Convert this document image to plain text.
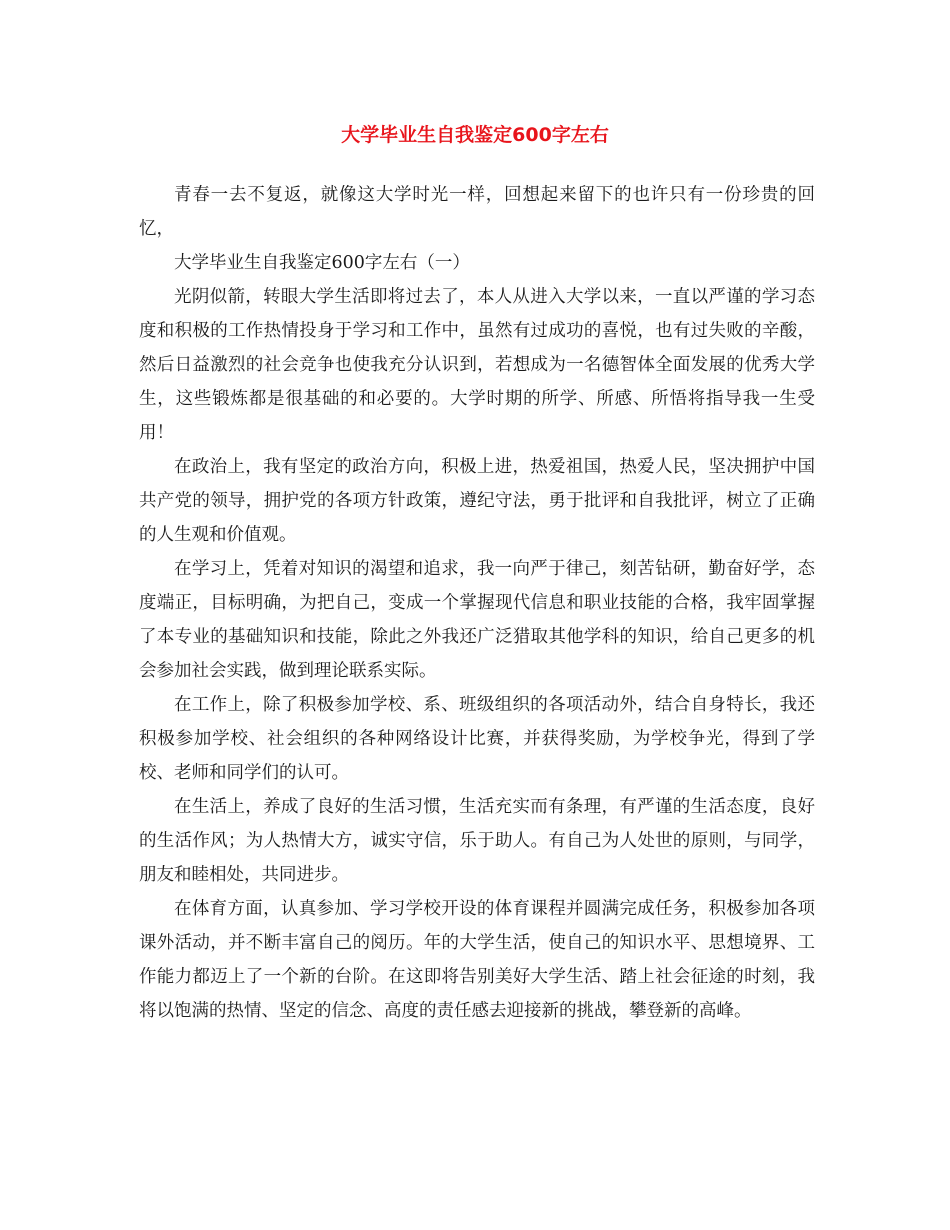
大学毕业生自我鉴定600字左右

青春一去不复返，就像这大学时光一样，回想起来留下的也许只有一份珍贵的回忆，

大学毕业生自我鉴定600字左右（一）

光阴似箭，转眼大学生活即将过去了，本人从进入大学以来，一直以严谨的学习态度和积极的工作热情投身于学习和工作中，虽然有过成功的喜悦，也有过失败的辛酸，然后日益激烈的社会竞争也使我充分认识到，若想成为一名德智体全面发展的优秀大学生，这些锻炼都是很基础的和必要的。大学时期的所学、所感、所悟将指导我一生受用！

在政治上，我有坚定的政治方向，积极上进，热爱祖国，热爱人民，坚决拥护中国共产党的领导，拥护党的各项方针政策，遵纪守法，勇于批评和自我批评，树立了正确的人生观和价值观。

在学习上，凭着对知识的渴望和追求，我一向严于律己，刻苦钻研，勤奋好学，态度端正，目标明确，为把自己，变成一个掌握现代信息和职业技能的合格，我牢固掌握了本专业的基础知识和技能，除此之外我还广泛猎取其他学科的知识，给自己更多的机会参加社会实践，做到理论联系实际。

在工作上，除了积极参加学校、系、班级组织的各项活动外，结合自身特长，我还积极参加学校、社会组织的各种网络设计比赛，并获得奖励，为学校争光，得到了学校、老师和同学们的认可。

在生活上，养成了良好的生活习惯，生活充实而有条理，有严谨的生活态度，良好的生活作风；为人热情大方，诚实守信，乐于助人。有自己为人处世的原则，与同学，朋友和睦相处，共同进步。

在体育方面，认真参加、学习学校开设的体育课程并圆满完成任务，积极参加各项课外活动，并不断丰富自己的阅历。年的大学生活，使自己的知识水平、思想境界、工作能力都迈上了一个新的台阶。在这即将告别美好大学生活、踏上社会征途的时刻，我将以饱满的热情、坚定的信念、高度的责任感去迎接新的挑战，攀登新的高峰。
